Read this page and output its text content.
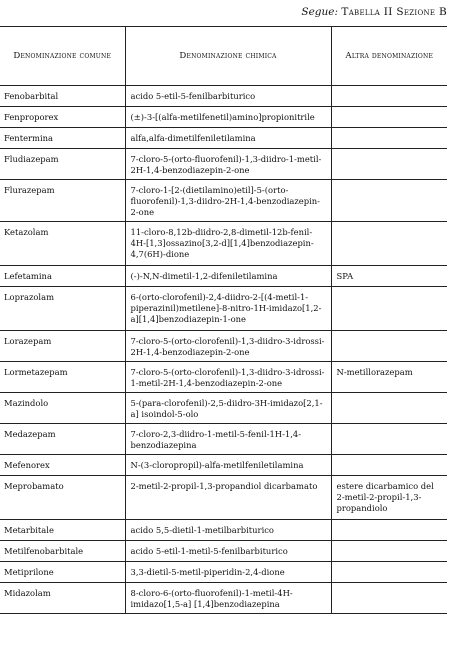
Segue: Tabella II Sezione B
Denominazione comune	Denominazione chimica	Altra denominazione

Fenobarbital	acido 5-etil-5-fenilbarbiturico	

Fenproporex	(±)-3-[(alfa-metilfenetil)amino]propionitrile	

Fentermina	alfa,alfa-dimetilfeniletilamina	

Fludiazepam	7-cloro-5-(orto-fluorofenil)-1,3-diidro-1-metil-2H-1,4-benzodiazepin-2-one	

Flurazepam	7-cloro-1-[2-(dietilamino)etil]-5-(orto-fluorofenil)-1,3-diidro-2H-1,4-benzodiazepin-2-one	

Ketazolam	11-cloro-8,12b-diidro-2,8-dimetil-12b-fenil-4H-[1,3]ossazino[3,2-d][1,4]benzodiazepin-4,7(6H)-dione	

Lefetamina	(-)-N,N-dimetil-1,2-difeniletilamina	SPA

Loprazolam	6-(orto-clorofenil)-2,4-diidro-2-[(4-metil-1-piperazinil)metilene]-8-nitro-1H-imidazo[1,2-a][1,4]benzodiazepin-1-one	

Lorazepam	7-cloro-5-(orto-clorofenil)-1,3-diidro-3-idrossi-2H-1,4-benzodiazepin-2-one	

Lormetazepam	7-cloro-5-(orto-clorofenil)-1,3-diidro-3-idrossi-1-metil-2H-1,4-benzodiazepin-2-one	N-metillorazepam

Mazindolo	5-(para-clorofenil)-2,5-diidro-3H-imidazo[2,1-a] isoindol-5-olo	

Medazepam	7-cloro-2,3-diidro-1-metil-5-fenil-1H-1,4-benzodiazepina	

Mefenorex	N-(3-cloropropil)-alfa-metilfeniletilamina	

Meprobamato	2-metil-2-propil-1,3-propandiol dicarbamato	estere dicarbamico del 2-metil-2-propil-1,3-propandiolo

Metarbitale	acido 5,5-dietil-1-metilbarbiturico	

Metilfenobarbitale	acido 5-etil-1-metil-5-fenilbarbiturico	

Metiprilone	3,3-dietil-5-metil-piperidin-2,4-dione	

Midazolam	8-cloro-6-(orto-fluorofenil)-1-metil-4H-imidazo[1,5-a] [1,4]benzodiazepina	
